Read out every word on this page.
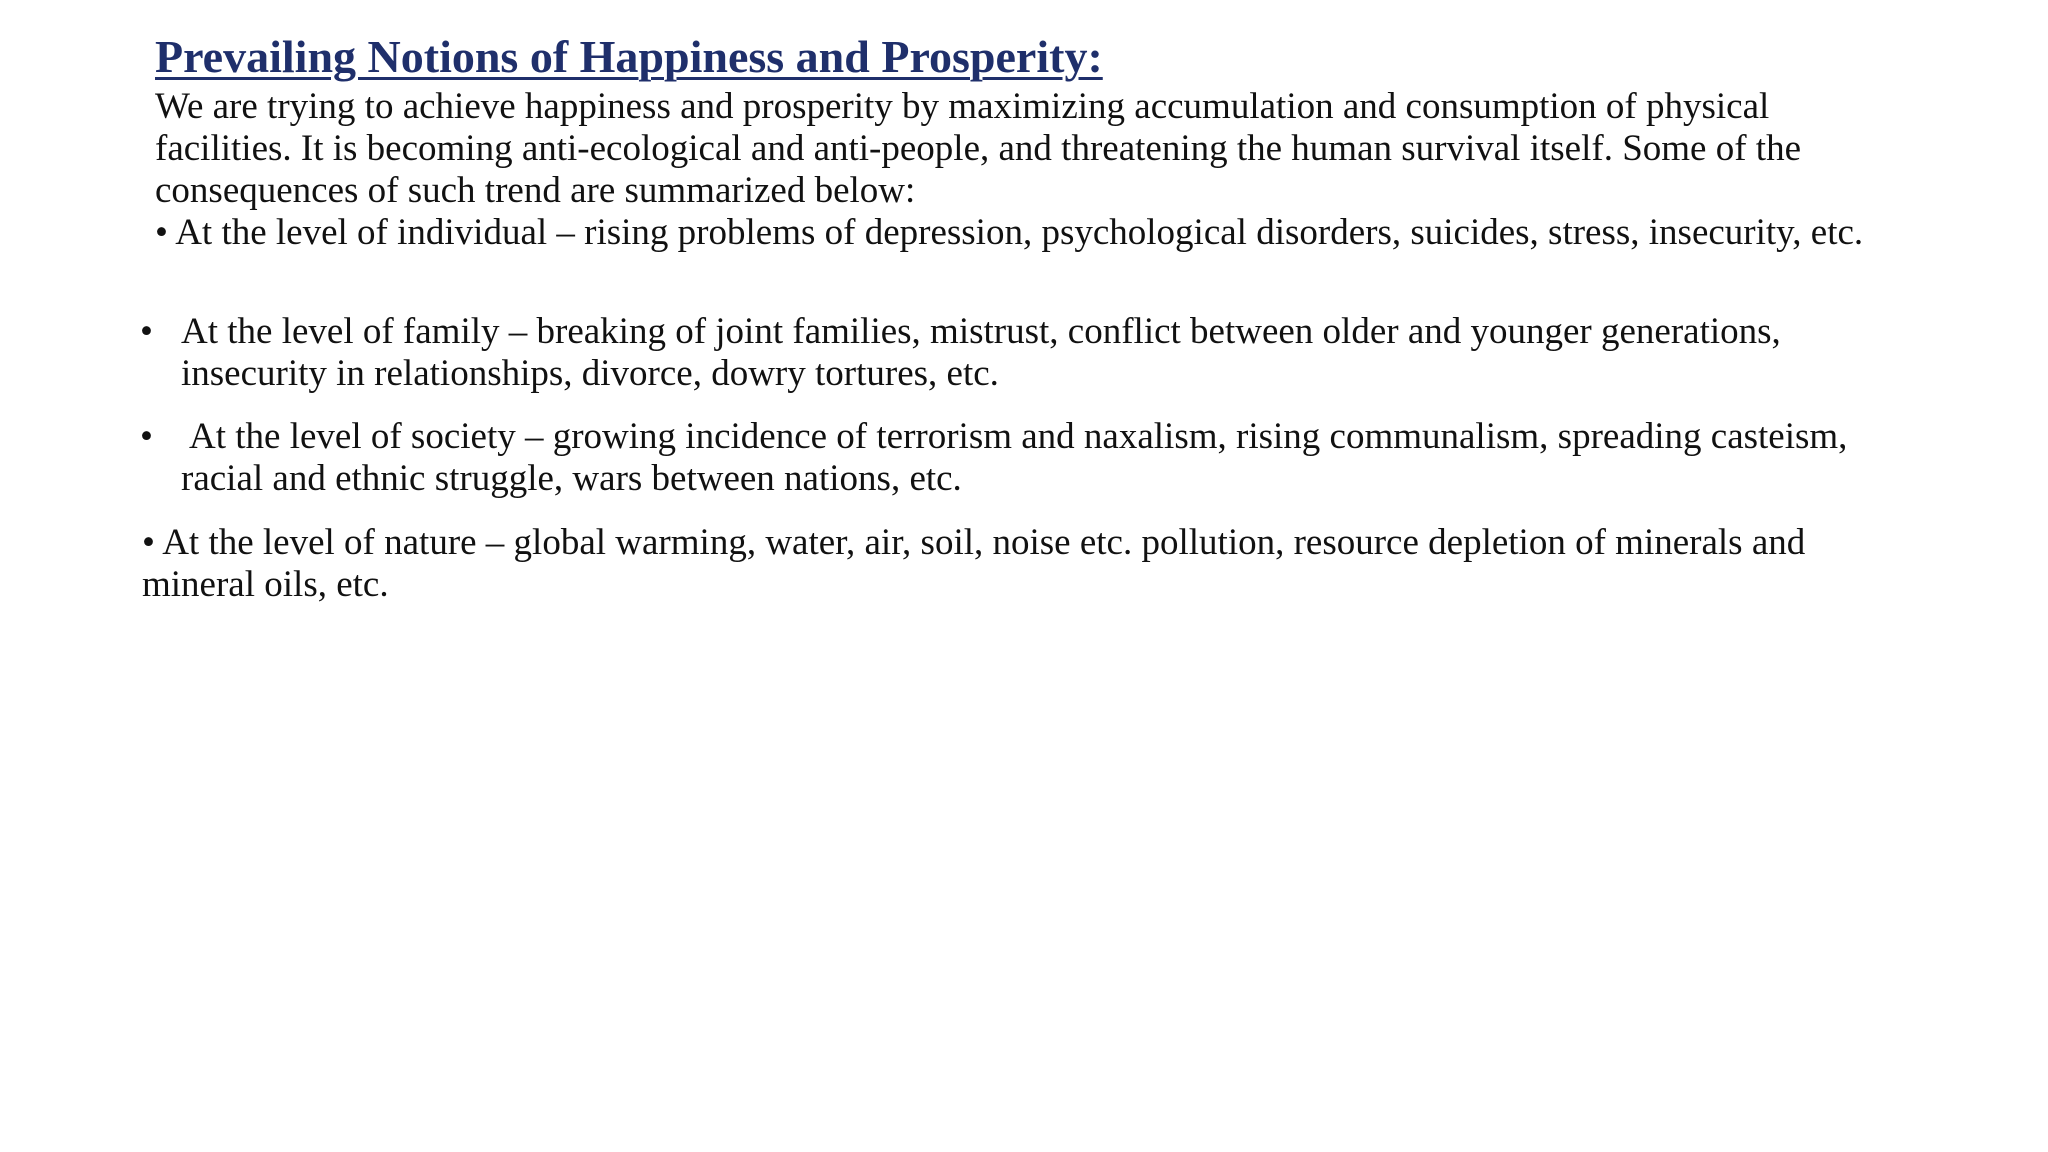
Prevailing Notions of Happiness and Prosperity:

We are trying to achieve happiness and prosperity by maximizing accumulation and consumption of physical facilities. It is becoming anti-ecological and anti-people, and threatening the human survival itself. Some of the consequences of such trend are summarized below:

• At the level of individual – rising problems of depression, psychological disorders, suicides, stress, insecurity, etc.

• At the level of family – breaking of joint families, mistrust, conflict between older and younger generations, insecurity in relationships, divorce, dowry tortures, etc.

• At the level of society – growing incidence of terrorism and naxalism, rising communalism, spreading casteism, racial and ethnic struggle, wars between nations, etc.

• At the level of nature – global warming, water, air, soil, noise etc. pollution, resource depletion of minerals and mineral oils, etc.
